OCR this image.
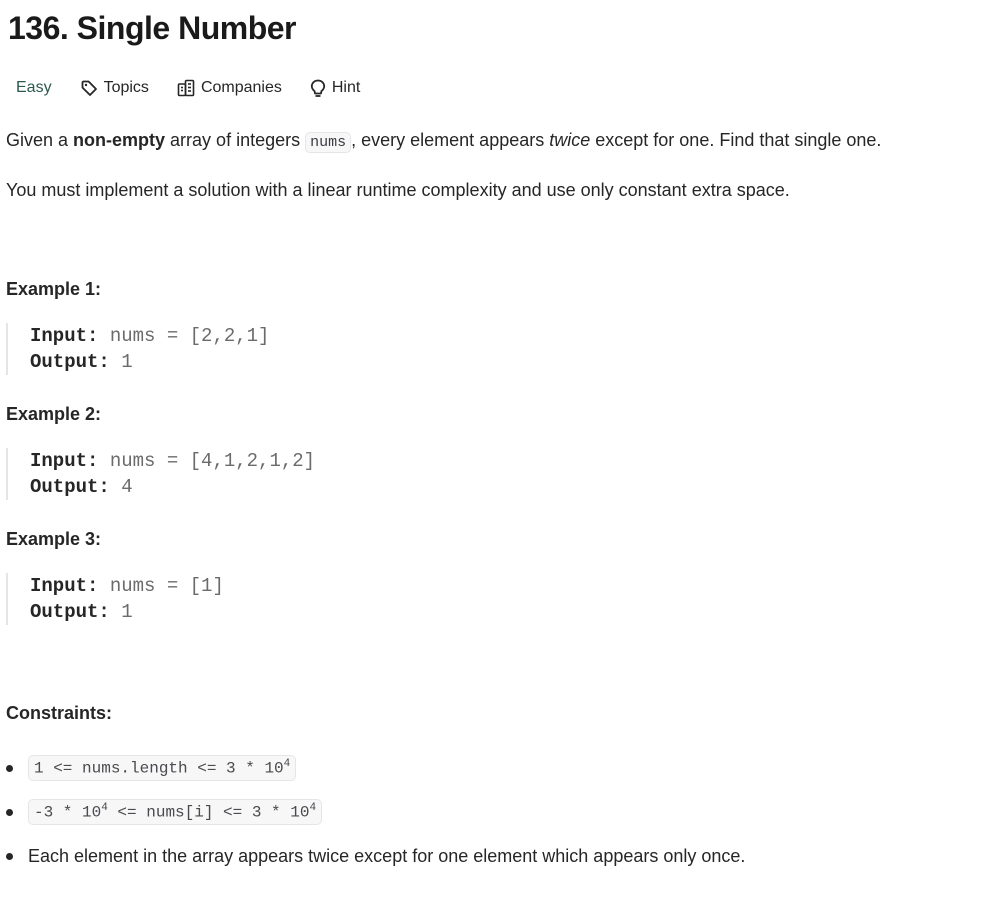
136. Single Number
Easy	Topics	Companies	Hint

Given a non-empty array of integers nums , every element appears twice except for one. Find that single one.

You must implement a solution with a linear runtime complexity and use only constant extra space.

Example 1:

Input: nums = [2,2,1]
Output: 1

Example 2:

Input: nums = [4,1,2,1,2]
Output: 4

Example 3:

Input: nums = [1]
Output: 1

Constraints:

1 <= nums.length <= $3 * 10^4$
$-3 * 10^4$ <= nums[i] <= $3 * 10^4$
Each element in the array appears twice except for one element which appears only once.
